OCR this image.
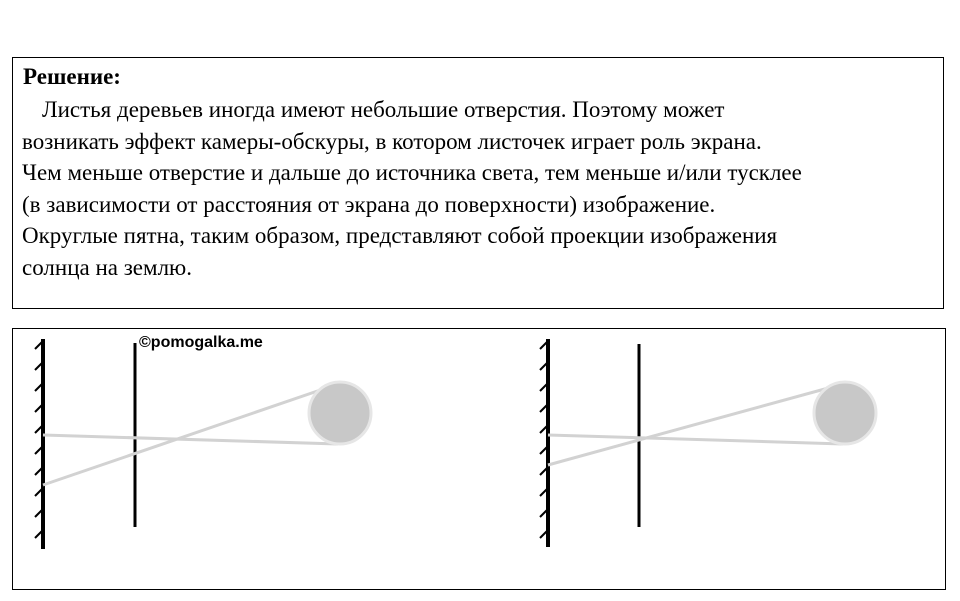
Решение:
Листья деревьев иногда имеют небольшие отверстия. Поэтому может
возникать эффект камеры-обскуры, в котором листочек играет роль экрана.
Чем меньше отверстие и дальше до источника света, тем меньше и/или тусклее
(в зависимости от расстояния от экрана до поверхности) изображение.
Округлые пятна, таким образом, представляют собой проекции изображения
солнца на землю.
©pomogalka.me
